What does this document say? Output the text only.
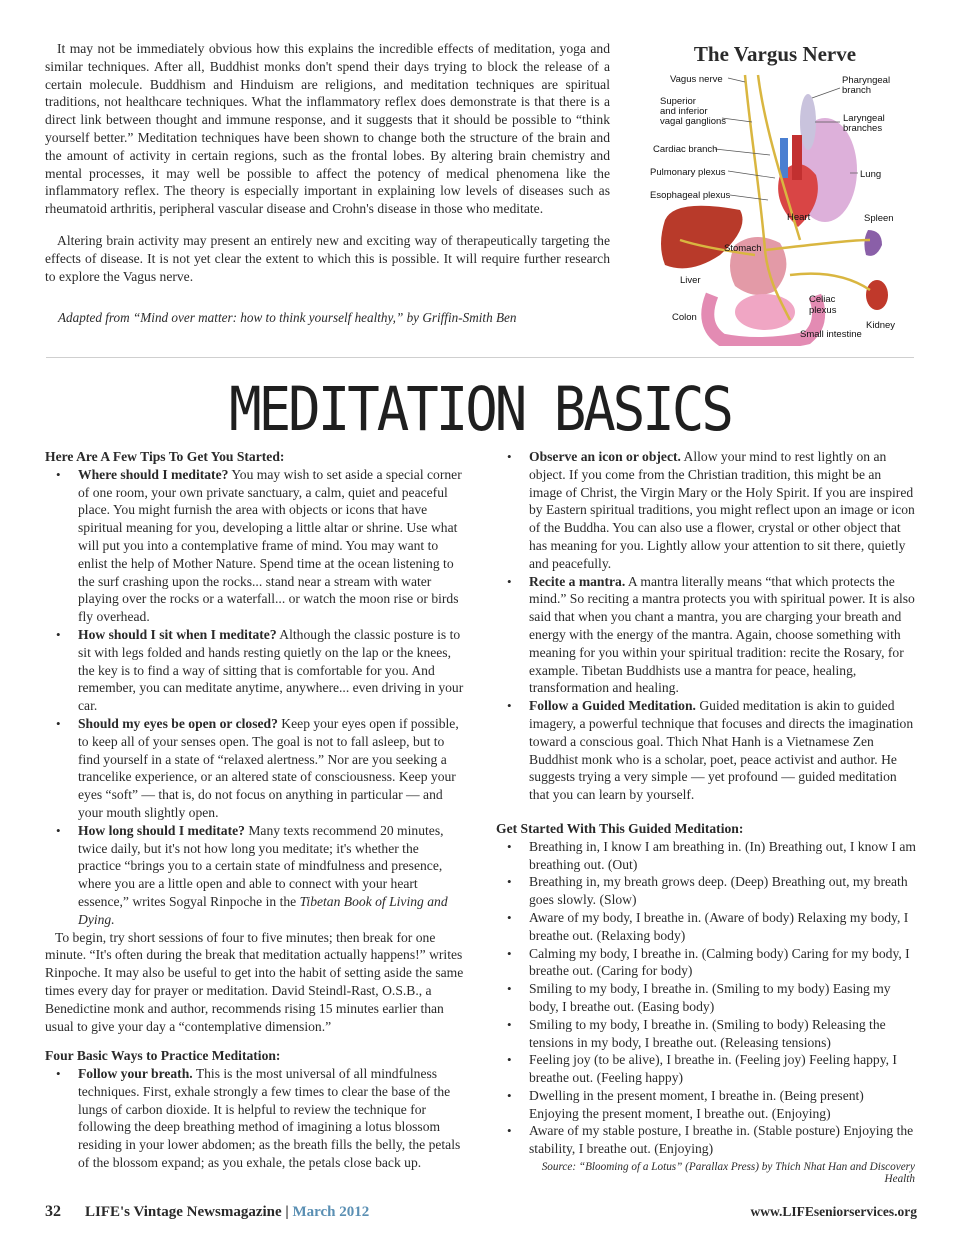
It may not be immediately obvious how this explains the incredible effects of meditation, yoga and similar techniques. After all, Buddhist monks don't spend their days trying to block the release of a certain molecule. Buddhism and Hinduism are religions, and meditation techniques are spiritual traditions, not healthcare techniques. What the inflammatory reflex does demonstrate is that there is a direct link between thought and immune response, and it suggests that it should be possible to “think yourself better.” Meditation techniques have been shown to change both the structure of the brain and the amount of activity in certain regions, such as the frontal lobes. By altering brain chemistry and mental processes, it may well be possible to affect the potency of medical phenomena like the inflammatory reflex. The theory is especially important in explaining low levels of diseases such as rheumatoid arthritis, peripheral vascular disease and Crohn's disease in those who meditate.

Altering brain activity may present an entirely new and exciting way of therapeutically targeting the effects of disease. It is not yet clear the extent to which this is possible. It will require further research to explore the Vagus nerve.

Adapted from “Mind over matter: how to think yourself healthy,” by Griffin-Smith Ben
The Vargus Nerve
Vagus nerve
Superior
and inferior
vagal ganglions
Cardiac branch
Pulmonary plexus
Esophageal plexus
Pharyngeal
branch
Laryngeal
branches
Lung
Heart	Spleen
Stomach
Liver
Celiac
plexus
Colon
Kidney
Small intestine
MEDITATION BASICS

Here Are A Few Tips To Get You Started:

• Where should I meditate? You may wish to set aside a special corner of one room, your own private sanctuary, a calm, quiet and peaceful place. You might furnish the area with objects or icons that have spiritual meaning for you, developing a little altar or shrine. Use what will put you into a contemplative frame of mind. You may want to enlist the help of Mother Nature. Spend time at the ocean listening to the surf crashing upon the rocks... stand near a stream with water playing over the rocks or a waterfall... or watch the moon rise or birds fly overhead.
• How should I sit when I meditate? Although the classic posture is to sit with legs folded and hands resting quietly on the lap or the knees, the key is to find a way of sitting that is comfortable for you. And remember, you can meditate anytime, anywhere... even driving in your car.
• Should my eyes be open or closed? Keep your eyes open if possible, to keep all of your senses open. The goal is not to fall asleep, but to find yourself in a state of “relaxed alertness.” Nor are you seeking a trancelike experience, or an altered state of consciousness. Keep your eyes “soft” — that is, do not focus on anything in particular — and your mouth slightly open.
• How long should I meditate? Many texts recommend 20 minutes, twice daily, but it's not how long you meditate; it's whether the practice “brings you to a certain state of mindfulness and presence, where you are a little open and able to connect with your heart essence,” writes Sogyal Rinpoche in the Tibetan Book of Living and Dying.

To begin, try short sessions of four to five minutes; then break for one minute. “It's often during the break that meditation actually happens!” writes Rinpoche. It may also be useful to get into the habit of setting aside the same times every day for prayer or meditation. David Steindl-Rast, O.S.B., a Benedictine monk and author, recommends rising 15 minutes earlier than usual to give your day a “contemplative dimension.”

Four Basic Ways to Practice Meditation:

• Follow your breath. This is the most universal of all mindfulness techniques. First, exhale strongly a few times to clear the base of the lungs of carbon dioxide. It is helpful to review the technique for following the deep breathing method of imagining a lotus blossom residing in your lower abdomen; as the breath fills the belly, the petals of the blossom expand; as you exhale, the petals close back up.
• Observe an icon or object. Allow your mind to rest lightly on an object. If you come from the Christian tradition, this might be an image of Christ, the Virgin Mary or the Holy Spirit. If you are inspired by Eastern spiritual traditions, you might reflect upon an image or icon of the Buddha. You can also use a flower, crystal or other object that has meaning for you. Lightly allow your attention to sit there, quietly and peacefully.
• Recite a mantra. A mantra literally means “that which protects the mind.” So reciting a mantra protects you with spiritual power. It is also said that when you chant a mantra, you are charging your breath and energy with the energy of the mantra. Again, choose something with meaning for you within your spiritual tradition: recite the Rosary, for example. Tibetan Buddhists use a mantra for peace, healing, transformation and healing.
• Follow a Guided Meditation. Guided meditation is akin to guided imagery, a powerful technique that focuses and directs the imagination toward a conscious goal. Thich Nhat Hanh is a Vietnamese Zen Buddhist monk who is a scholar, poet, peace activist and author. He suggests trying a very simple — yet profound — guided meditation that you can learn by yourself.

Get Started With This Guided Meditation:

• Breathing in, I know I am breathing in. (In) Breathing out, I know I am breathing out. (Out)
• Breathing in, my breath grows deep. (Deep) Breathing out, my breath goes slowly. (Slow)
• Aware of my body, I breathe in. (Aware of body) Relaxing my body, I breathe out. (Relaxing body)
• Calming my body, I breathe in. (Calming body) Caring for my body, I breathe out. (Caring for body)
• Smiling to my body, I breathe in. (Smiling to my body) Easing my body, I breathe out. (Easing body)
• Smiling to my body, I breathe in. (Smiling to body) Releasing the tensions in my body, I breathe out. (Releasing tensions)
• Feeling joy (to be alive), I breathe in. (Feeling joy) Feeling happy, I breathe out. (Feeling happy)
• Dwelling in the present moment, I breathe in. (Being present) Enjoying the present moment, I breathe out. (Enjoying)
• Aware of my stable posture, I breathe in. (Stable posture) Enjoying the stability, I breathe out. (Enjoying)
Source: “Blooming of a Lotus” (Parallax Press) by Thich Nhat Han and Discovery Health
32 LIFE's Vintage Newsmagazine | March 2012	www.LIFEseniorservices.org
